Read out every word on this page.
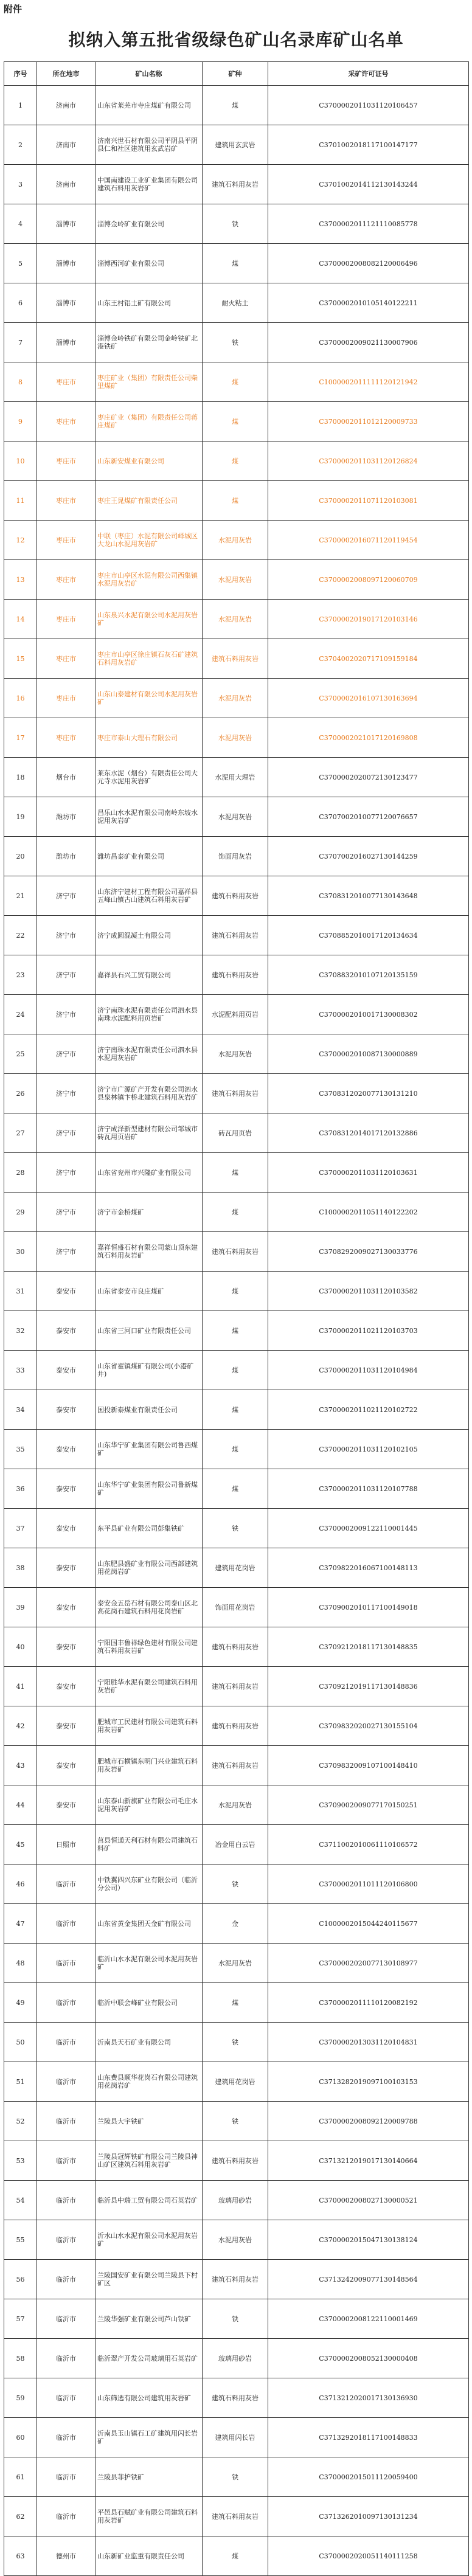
附件
拟纳入第五批省级绿色矿山名录库矿山名单
序号	所在地市	矿山名称	矿种	采矿许可证号
1	济南市	山东省莱芜市寺庄煤矿有限公司	煤	C3700002011031120106457
2	济南市	济南兴世石材有限公司平阴县平阴县仁和社区建筑用玄武岩矿	建筑用玄武岩	C3701002018117100147177
3	济南市	中国南建设工业矿业集团有限公司建筑石料用灰岩矿	建筑石料用灰岩	C3701002014112130143244
4	淄博市	淄博金岭矿业有限公司	铁	C3700002011121110085778
5	淄博市	淄博西河矿业有限公司	煤	C3700002008082120006496
6	淄博市	山东王村铝土矿有限公司	耐火粘土	C3700002010105140122211
7	淄博市	淄博金岭铁矿有限公司金岭铁矿北港铁矿	铁	C3700002009021130007906
8	枣庄市	枣庄矿业（集团）有限责任公司柴里煤矿	煤	C1000002011111120121942
9	枣庄市	枣庄矿业（集团）有限责任公司蒋庄煤矿	煤	C3700002011012120009733
10	枣庄市	山东新安煤业有限公司	煤	C3700002011031120126824
11	枣庄市	枣庄王晁煤矿有限责任公司	煤	C3700002011071120103081
12	枣庄市	中联（枣庄）水泥有限公司峄城区大龙山水泥用灰岩矿	水泥用灰岩	C3700002016071120119454
13	枣庄市	枣庄市山亭区水泥有限公司西集镇水泥用灰岩矿	水泥用灰岩	C3700002008097120060709
14	枣庄市	山东泉兴水泥有限公司水泥用灰岩矿	水泥用灰岩	C3700002019017120103146
15	枣庄市	枣庄市山亭区徐庄镇石灰石矿建筑石料用灰岩矿	建筑石料用灰岩	C3704002020717109159184
16	枣庄市	山东山泰建材有限公司水泥用灰岩矿	水泥用灰岩	C3700002016107130163694
17	枣庄市	枣庄市泰山大理石有限公司	水泥用灰岩	C3700002021017120169808
18	烟台市	莱东水泥（烟台）有限责任公司大元寺水泥用灰岩矿	水泥用大理岩	C3700002020072130123477
19	潍坊市	昌乐山水水泥有限公司南岭东坡水泥用灰岩矿	水泥用灰岩	C3707002010077120076657
20	潍坊市	潍坊昌泰矿业有限公司	饰面用灰岩	C3707002016027130144259
21	济宁市	山东济宁建材工程有限公司嘉祥县五峰山镇古山建筑石料用灰岩矿	建筑石料用灰岩	C3708312010077130143648
22	济宁市	济宁成圆混凝土有限公司	建筑石料用灰岩	C3708852010017120134634
23	济宁市	嘉祥县石兴工贸有限公司	建筑石料用灰岩	C3708832010107120135159
24	济宁市	济宁南珠水泥有限责任公司泗水县南珠水泥配料用页岩矿	水泥配料用页岩	C3700002010017130008302
25	济宁市	济宁南珠水泥有限责任公司泗水县水泥用灰岩矿	水泥用灰岩	C3700002010087130000889
26	济宁市	济宁市广源矿产开发有限公司泗水县泉林镇卞桥北建筑石料用灰岩矿	建筑石料用灰岩	C3708312020077130131210
27	济宁市	济宁成泽新型建材有限公司邹城市砖瓦用页岩矿	砖瓦用页岩	C3708312014017120132886
28	济宁市	山东省兖州市兴隆矿业有限公司	煤	C3700002011031120103631
29	济宁市	济宁市金桥煤矿	煤	C1000002011051140122202
30	济宁市	嘉祥恒盛石材有限公司蒙山顶东建筑石料用灰岩矿	建筑石料用灰岩	C3708292009027130033776
31	泰安市	山东省泰安市良庄煤矿	煤	C3700002011031120103582
32	泰安市	山东省三河口矿业有限责任公司	煤	C3700002011021120103703
33	泰安市	山东省翟镇煤矿有限公司(小港矿井)	煤	C3700002011031120104984
34	泰安市	国投新泰煤业有限责任公司	煤	C3700002011021120102722
35	泰安市	山东华宁矿业集团有限公司鲁西煤矿	煤	C3700002011031120102105
36	泰安市	山东华宁矿业集团有限公司鲁新煤矿	煤	C3700002011031120107788
37	泰安市	东平县矿业有限公司彭集铁矿	铁	C3700002009122110001445
38	泰安市	山东肥县盛矿业有限公司西部建筑用花岗岩矿	建筑用花岗岩	C3709822016067100148113
39	泰安市	泰安金五岳石材有限公司泰山区北高花岗石建筑石料用花岗岩矿	饰面用花岗岩	C3709002010117100149018
40	泰安市	宁阳国丰鲁祥绿色建材有限公司建筑石料用灰岩矿	建筑石料用灰岩	C3709212018117130148835
41	泰安市	宁阳胜华水泥有限公司建筑石料用灰岩矿	建筑石料用灰岩	C3709212019117130148836
42	泰安市	肥城市工民建材有限公司建筑石料用灰岩矿	建筑石料用灰岩	C3709832020027130155104
43	泰安市	肥城市石横镇东明门兴业建筑石料用灰岩矿	建筑石料用灰岩	C3709832009107100148410
44	泰安市	山东泰山新旗矿业有限公司毛庄水泥用灰岩矿	水泥用灰岩	C3709002009077170150251
45	日照市	莒县恒通天利石材有限公司建筑石料矿	冶金用白云岩	C3711002010061110106572
46	临沂市	中铁翼四兴东矿业有限公司（临沂分公司）	铁	C3700002011011120106800
47	临沂市	山东省黄金集团天金矿有限公司	金	C1000002015044240115677
48	临沂市	临沂山水水泥有限公司水泥用灰岩矿	水泥用灰岩	C3700002020077130108977
49	临沂市	临沂中联会峰矿业有限公司	煤	C3700002011110120082192
50	临沂市	沂南县天石矿业有限公司	铁	C3700002013031120104831
51	临沂市	山东费县顺华花岗石有限公司建筑用花岗岩矿	建筑用花岗岩	C3713282019097100103153
52	临沂市	兰陵县大宇铁矿	铁	C3700002008092120009788
53	临沂市	兰陵县冠辉铁矿有限公司兰陵县神山矿区建筑石料用灰岩矿	建筑石料用灰岩	C3713212019017130140664
54	临沂市	临沂县中瑞工贸有限公司石英岩矿	玻璃用砂岩	C3700002008027130000521
55	临沂市	沂水山水水泥有限公司水泥用灰岩矿	水泥用灰岩	C3700002015047130138124
56	临沂市	兰陵国安矿业有限公司兰陵县下村矿区	建筑石料用灰岩	C3713242009077130148564
57	临沂市	兰陵华强矿业有限公司芦山铁矿	铁	C3700002008122110001469
58	临沂市	临沂翠产开发公司玻璃用石英岩矿	玻璃用砂岩	C3700002008052130000408
59	临沂市	山东筛选有限公司建筑用灰岩矿	建筑石料用灰岩	C3713212020017130136930
60	临沂市	沂南县玉山镇石工矿建筑用闪长岩矿	建筑用闪长岩	C3713292018117100148833
61	临沂市	兰陵县菲护铁矿	铁	C3700002015011120059400
62	临沂市	平邑县石赋矿业有限公司建筑石料用灰岩矿	建筑石料用灰岩	C3713262010097130131234
63	德州市	山东新矿业监重有限责任公司	煤	C3700002020051140111258
